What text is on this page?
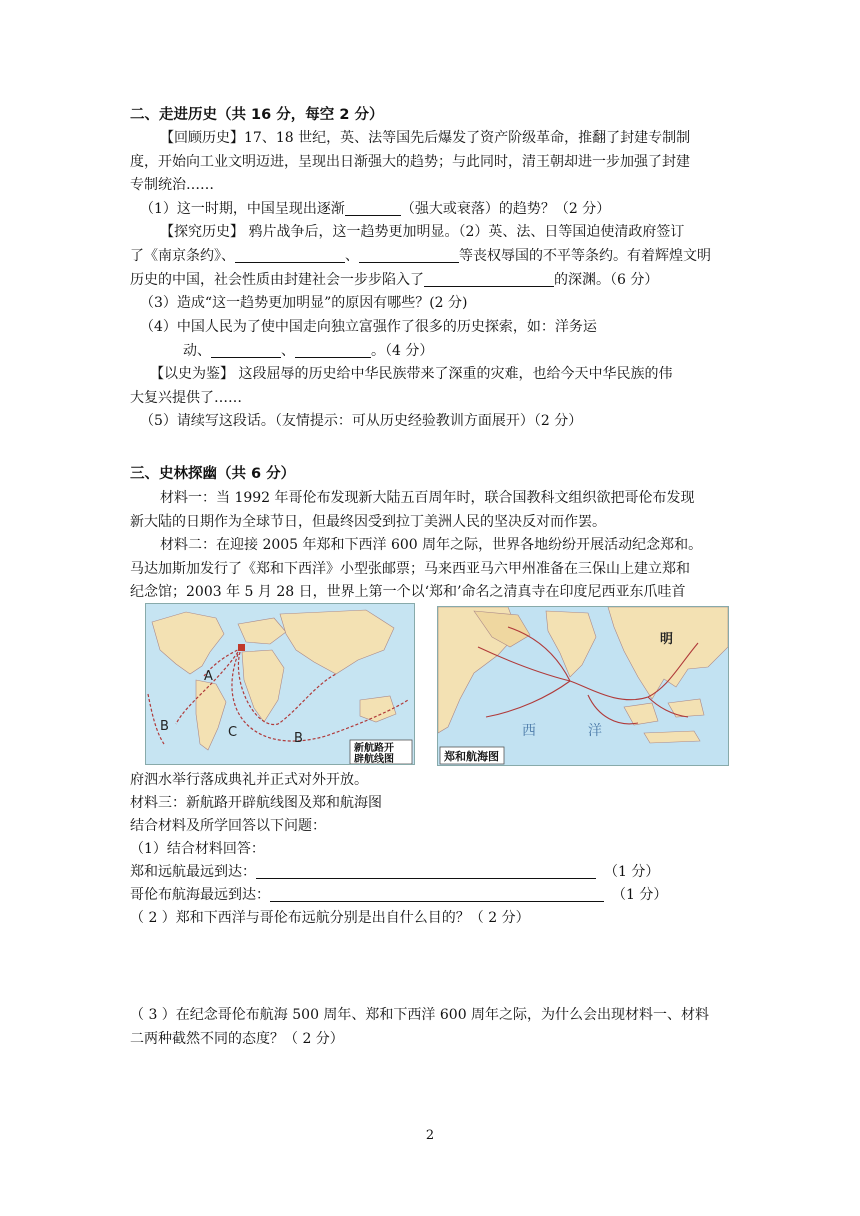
二、走进历史（共 16 分，每空 2 分）
【回顾历史】17、18 世纪，英、法等国先后爆发了资产阶级革命，推翻了封建专制制
度，开始向工业文明迈进，呈现出日渐强大的趋势；与此同时，清王朝却进一步加强了封建
专制统治……
（1）这一时期，中国呈现出逐渐	（强大或衰落）的趋势？（2 分）
【探究历史】 鸦片战争后，这一趋势更加明显。（2）英、法、日等国迫使清政府签订
了《南京条约》、	、	等丧权辱国的不平等条约。有着辉煌文明
历史的中国，社会性质由封建社会一步步陷入了	的深渊。（6 分）
（3）造成“这一趋势更加明显”的原因有哪些？(2 分)
（4）中国人民为了使中国走向独立富强作了很多的历史探索，如：洋务运
动、	、	。（4 分）
【以史为鉴】 这段屈辱的历史给中华民族带来了深重的灾难，也给今天中华民族的伟
大复兴提供了……
（5）请续写这段话。（友情提示：可从历史经验教训方面展开）（2 分）
三、史林探幽（共 6 分）
材料一：当 1992 年哥伦布发现新大陆五百周年时，联合国教科文组织欲把哥伦布发现
新大陆的日期作为全球节日，但最终因受到拉丁美洲人民的坚决反对而作罢。
材料二：在迎接 2005 年郑和下西洋 600 周年之际，世界各地纷纷开展活动纪念郑和。
马达加斯加发行了《郑和下西洋》小型张邮票；马来西亚马六甲州准备在三保山上建立郑和
纪念馆；2003 年 5 月 28 日，世界上第一个以‘郑和’命名之清真寺在印度尼西亚东爪哇首
A
B	C	B
新航路开
辟航线图
明
西	洋
郑和航海图
府泗水举行落成典礼并正式对外开放。
材料三：新航路开辟航线图及郑和航海图
结合材料及所学回答以下问题：
（1）结合材料回答：
郑和远航最远到达：	（1 分）
哥伦布航海最远到达：	（1 分）
（ 2 ）郑和下西洋与哥伦布远航分别是出自什么目的？（ 2 分）
（ 3 ）在纪念哥伦布航海 500 周年、郑和下西洋 600 周年之际，为什么会出现材料一、材料
二两种截然不同的态度？（ 2 分）
2
